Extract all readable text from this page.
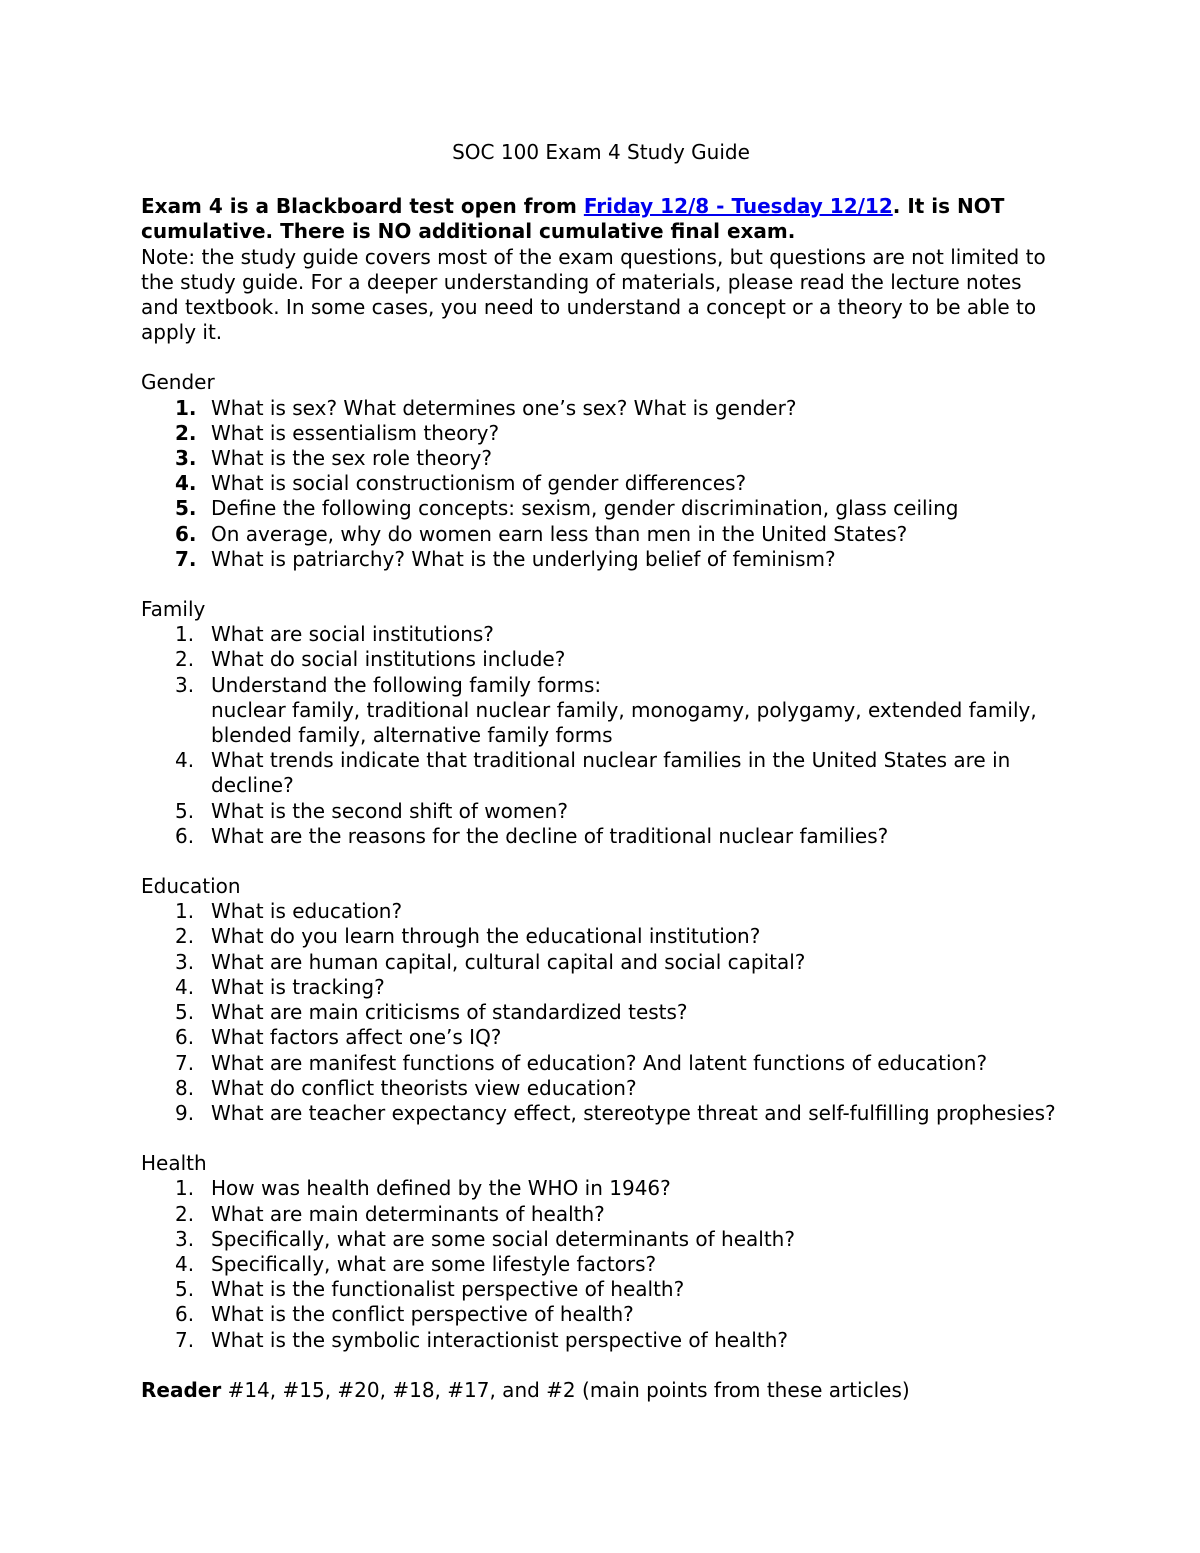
SOC 100 Exam 4 Study Guide

Exam 4 is a Blackboard test open from Friday 12/8 - Tuesday 12/12. It is NOT cumulative. There is NO additional cumulative final exam.

Note: the study guide covers most of the exam questions, but questions are not limited to the study guide. For a deeper understanding of materials, please read the lecture notes and textbook. In some cases, you need to understand a concept or a theory to be able to apply it.

Gender
1. What is sex? What determines one’s sex? What is gender?
2. What is essentialism theory?
3. What is the sex role theory?
4. What is social constructionism of gender differences?
5. Define the following concepts: sexism, gender discrimination, glass ceiling
6. On average, why do women earn less than men in the United States?
7. What is patriarchy? What is the underlying belief of feminism?
Family
1. What are social institutions?
2. What do social institutions include?
3. Understand the following family forms:
nuclear family, traditional nuclear family, monogamy, polygamy, extended family, blended family, alternative family forms
4. What trends indicate that traditional nuclear families in the United States are in decline?
5. What is the second shift of women?
6. What are the reasons for the decline of traditional nuclear families?
Education
1. What is education?
2. What do you learn through the educational institution?
3. What are human capital, cultural capital and social capital?
4. What is tracking?
5. What are main criticisms of standardized tests?
6. What factors affect one’s IQ?
7. What are manifest functions of education? And latent functions of education?
8. What do conflict theorists view education?
9. What are teacher expectancy effect, stereotype threat and self-fulfilling prophesies?
Health
1. How was health defined by the WHO in 1946?
2. What are main determinants of health?
3. Specifically, what are some social determinants of health?
4. Specifically, what are some lifestyle factors?
5. What is the functionalist perspective of health?
6. What is the conflict perspective of health?
7. What is the symbolic interactionist perspective of health?

Reader #14, #15, #20, #18, #17, and #2 (main points from these articles)
